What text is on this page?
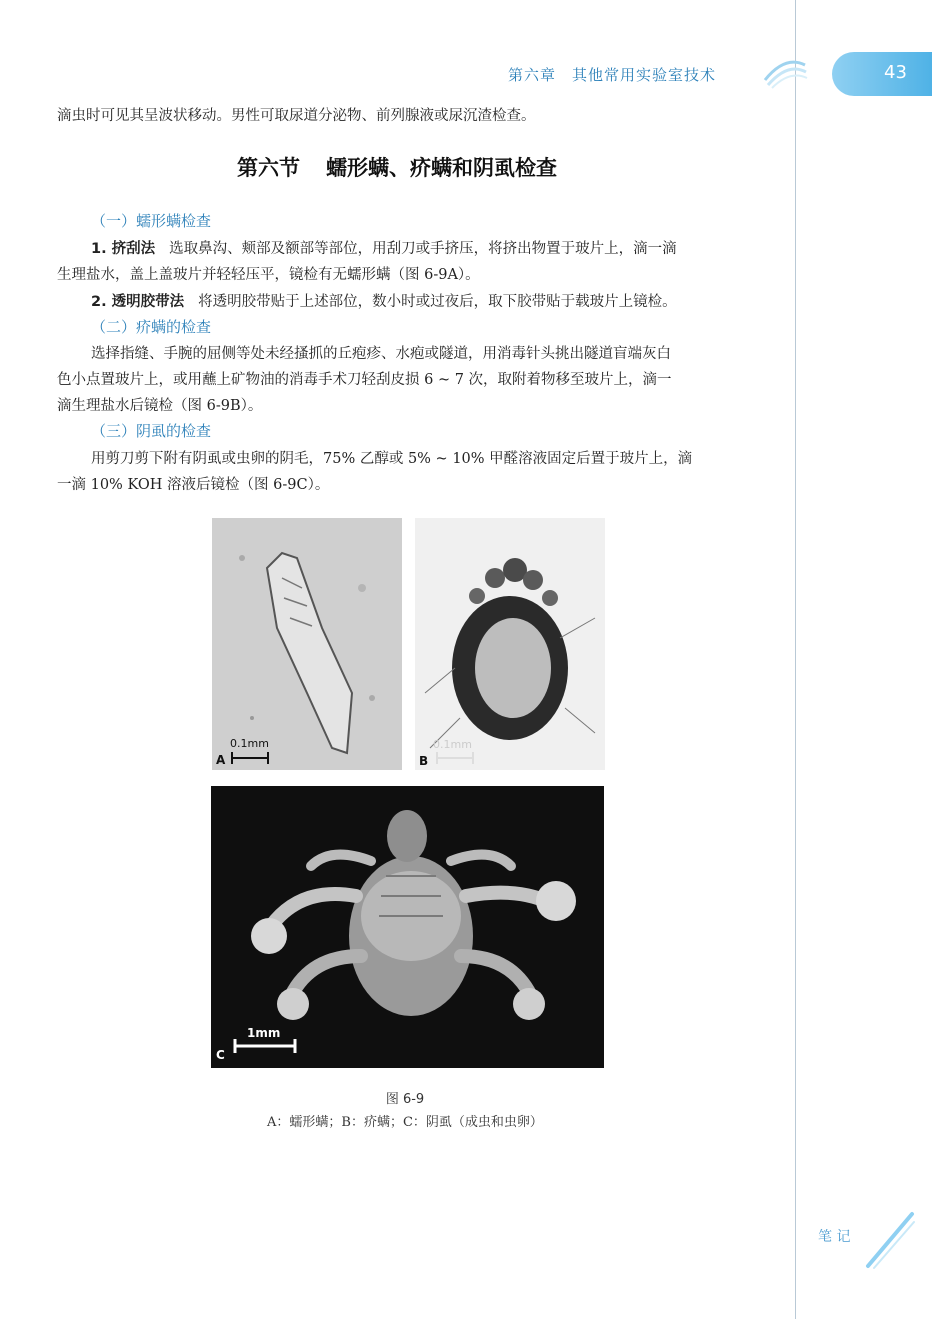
第六章　其他常用实验室技术	43
滴虫时可见其呈波状移动。男性可取尿道分泌物、前列腺液或尿沉渣检查。
第六节 蠕形螨、疥螨和阴虱检查
（一）蠕形螨检查
1. 挤刮法 选取鼻沟、颊部及额部等部位，用刮刀或手挤压，将挤出物置于玻片上，滴一滴
生理盐水，盖上盖玻片并轻轻压平，镜检有无蠕形螨（图 6-9A）。
2. 透明胶带法 将透明胶带贴于上述部位，数小时或过夜后，取下胶带贴于载玻片上镜检。
（二）疥螨的检查
选择指缝、手腕的屈侧等处未经搔抓的丘疱疹、水疱或隧道，用消毒针头挑出隧道盲端灰白
色小点置玻片上，或用蘸上矿物油的消毒手术刀轻刮皮损 6 ~ 7 次，取附着物移至玻片上，滴一
滴生理盐水后镜检（图 6-9B）。
（三）阴虱的检查
用剪刀剪下附有阴虱或虫卵的阴毛，75% 乙醇或 5% ~ 10% 甲醛溶液固定后置于玻片上，滴
一滴 10% KOH 溶液后镜检（图 6-9C）。
0.1mm
A
0.1mm
B
1mm
C
图 6-9
A：蠕形螨；B：疥螨；C：阴虱（成虫和虫卵）
笔 记
